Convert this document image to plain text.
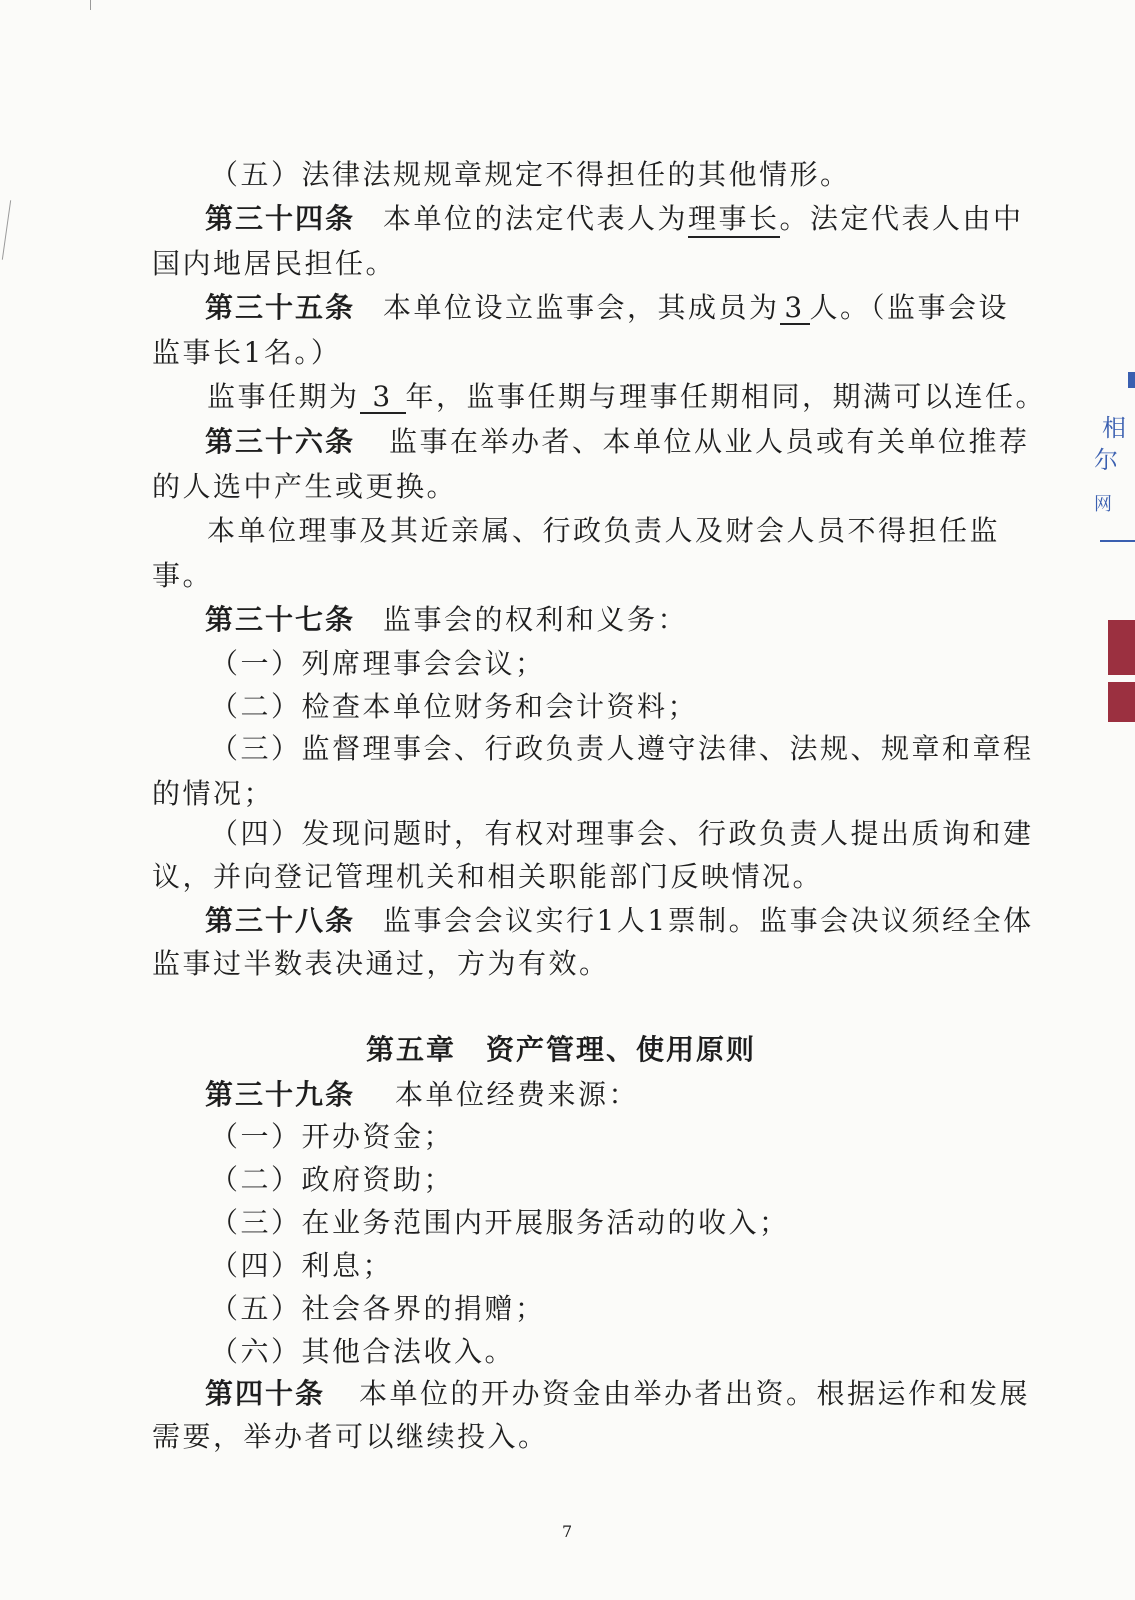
（五）法律法规规章规定不得担任的其他情形。
第三十四条 本单位的法定代表人为理事长。法定代表人由中
国内地居民担任。
第三十五条 本单位设立监事会，其成员为 3 人。（监事会设
监事长1名。）
监事任期为 3 年，监事任期与理事任期相同，期满可以连任。
第三十六条 监事在举办者、本单位从业人员或有关单位推荐
的人选中产生或更换。
本单位理事及其近亲属、行政负责人及财会人员不得担任监
事。
第三十七条 监事会的权利和义务：
（一）列席理事会会议；
（二）检查本单位财务和会计资料；
（三）监督理事会、行政负责人遵守法律、法规、规章和章程
的情况；
（四）发现问题时，有权对理事会、行政负责人提出质询和建
议，并向登记管理机关和相关职能部门反映情况。
第三十八条 监事会会议实行1人1票制。监事会决议须经全体
监事过半数表决通过，方为有效。
第五章　资产管理、使用原则
第三十九条 本单位经费来源：
（一）开办资金；
（二）政府资助；
（三）在业务范围内开展服务活动的收入；
（四）利息；
（五）社会各界的捐赠；
（六）其他合法收入。
第四十条 本单位的开办资金由举办者出资。根据运作和发展
需要，举办者可以继续投入。
7
相
尔
网
